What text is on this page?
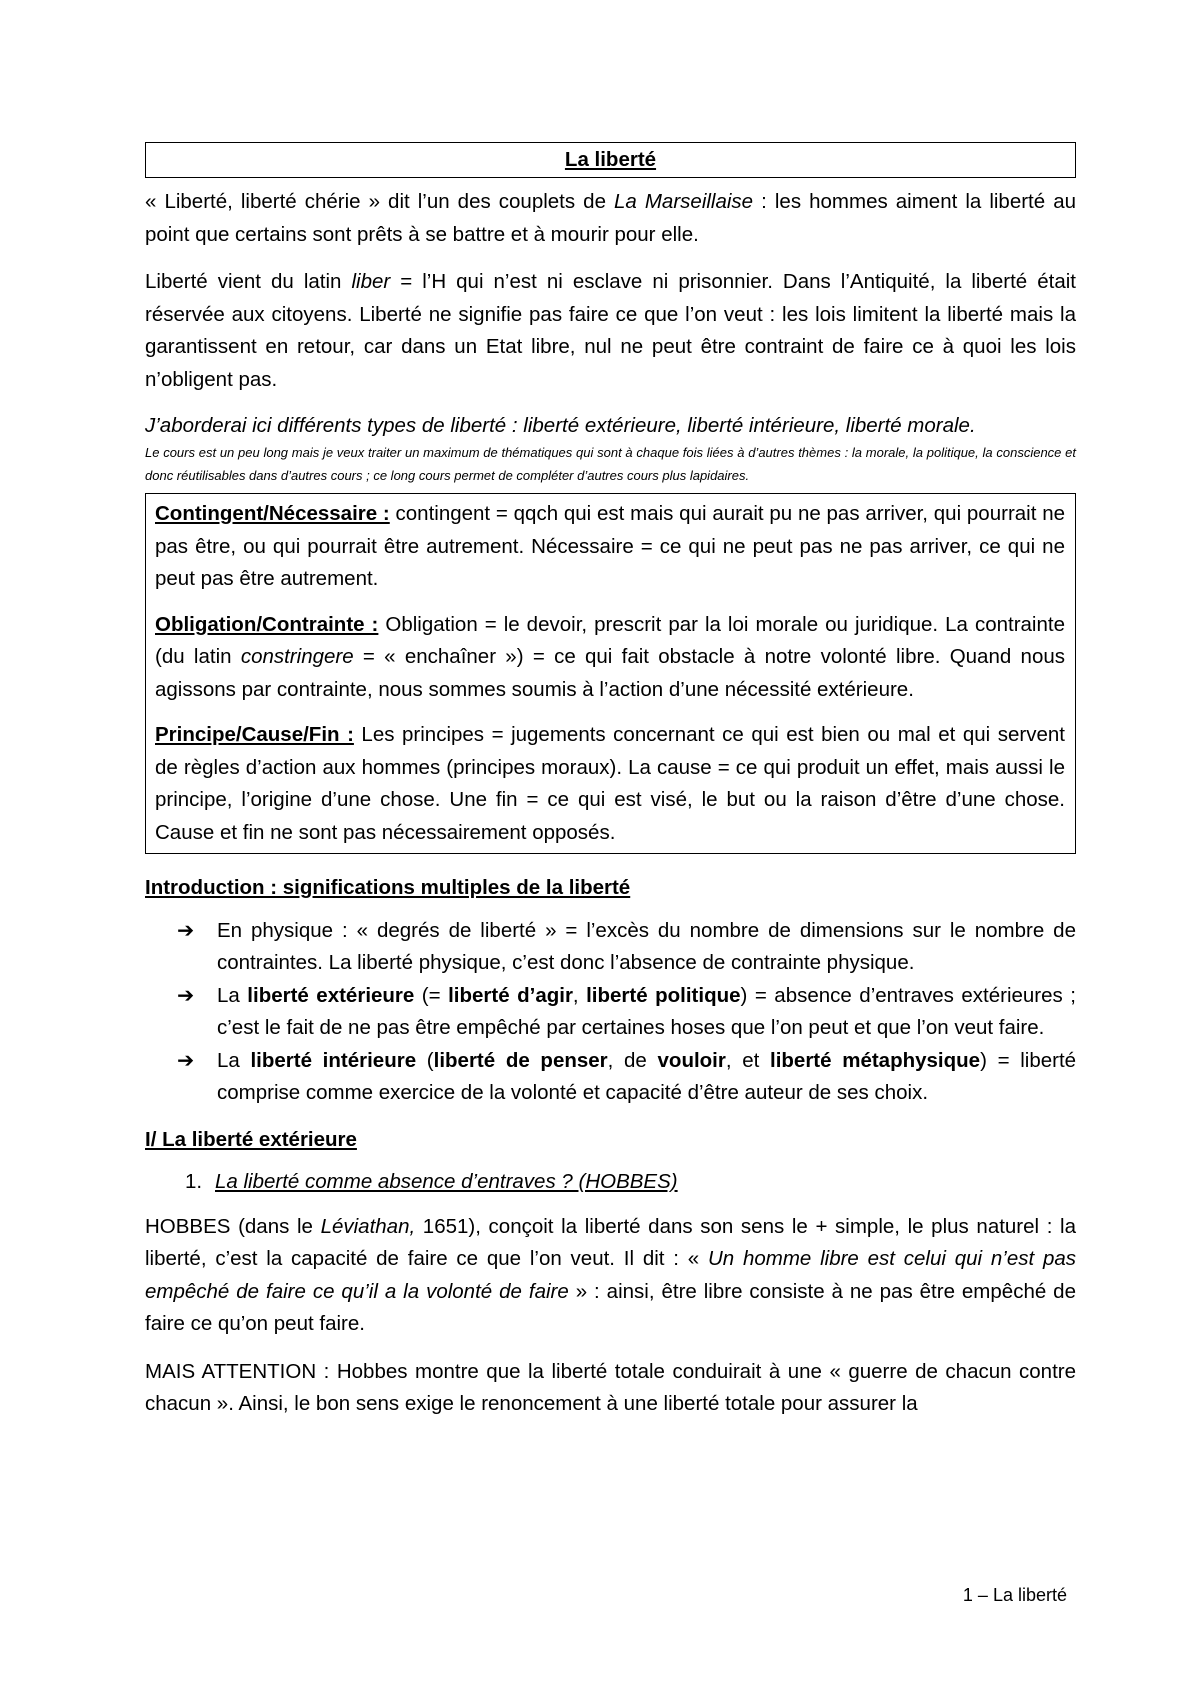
La liberté

« Liberté, liberté chérie » dit l’un des couplets de La Marseillaise : les hommes aiment la liberté au point que certains sont prêts à se battre et à mourir pour elle.

Liberté vient du latin liber = l’H qui n’est ni esclave ni prisonnier. Dans l’Antiquité, la liberté était réservée aux citoyens. Liberté ne signifie pas faire ce que l’on veut : les lois limitent la liberté mais la garantissent en retour, car dans un Etat libre, nul ne peut être contraint de faire ce à quoi les lois n’obligent pas.

J’aborderai ici différents types de liberté : liberté extérieure, liberté intérieure, liberté morale.

Le cours est un peu long mais je veux traiter un maximum de thématiques qui sont à chaque fois liées à d’autres thèmes : la morale, la politique, la conscience et donc réutilisables dans d’autres cours ; ce long cours permet de compléter d’autres cours plus lapidaires.

Contingent/Nécessaire : contingent = qqch qui est mais qui aurait pu ne pas arriver, qui pourrait ne pas être, ou qui pourrait être autrement. Nécessaire = ce qui ne peut pas ne pas arriver, ce qui ne peut pas être autrement.

Obligation/Contrainte : Obligation = le devoir, prescrit par la loi morale ou juridique. La contrainte (du latin constringere = « enchaîner ») = ce qui fait obstacle à notre volonté libre. Quand nous agissons par contrainte, nous sommes soumis à l’action d’une nécessité extérieure.

Principe/Cause/Fin : Les principes = jugements concernant ce qui est bien ou mal et qui servent de règles d’action aux hommes (principes moraux). La cause = ce qui produit un effet, mais aussi le principe, l’origine d’une chose. Une fin = ce qui est visé, le but ou la raison d’être d’une chose. Cause et fin ne sont pas nécessairement opposés.

Introduction : significations multiples de la liberté
➔ En physique : « degrés de liberté » = l’excès du nombre de dimensions sur le nombre de contraintes. La liberté physique, c’est donc l’absence de contrainte physique.
➔ La liberté extérieure (= liberté d’agir, liberté politique) = absence d’entraves extérieures ; c’est le fait de ne pas être empêché par certaines hoses que l’on peut et que l’on veut faire.
➔ La liberté intérieure (liberté de penser, de vouloir, et liberté métaphysique) = liberté comprise comme exercice de la volonté et capacité d’être auteur de ses choix.
I/ La liberté extérieure
1. La liberté comme absence d’entraves ? (HOBBES)

HOBBES (dans le Léviathan, 1651), conçoit la liberté dans son sens le + simple, le plus naturel : la liberté, c’est la capacité de faire ce que l’on veut. Il dit : « Un homme libre est celui qui n’est pas empêché de faire ce qu’il a la volonté de faire » : ainsi, être libre consiste à ne pas être empêché de faire ce qu’on peut faire.

MAIS ATTENTION : Hobbes montre que la liberté totale conduirait à une « guerre de chacun contre chacun ». Ainsi, le bon sens exige le renoncement à une liberté totale pour assurer la

1 – La liberté
